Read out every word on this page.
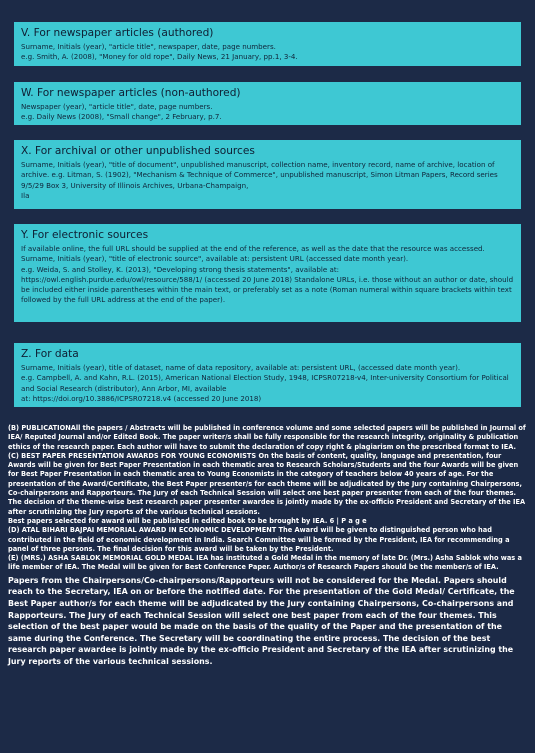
V. For newspaper articles (authored)

Surname, Initials (year), "article title", newspaper, date, page numbers.
e.g. Smith, A. (2008), "Money for old rope", Daily News, 21 January, pp.1, 3-4.

W. For newspaper articles (non-authored)

Newspaper (year), "article title", date, page numbers.
e.g. Daily News (2008), "Small change", 2 February, p.7.

X. For archival or other unpublished sources

Surname, Initials (year), "title of document", unpublished manuscript, collection name, inventory record, name of archive, location of archive. e.g. Litman, S. (1902), "Mechanism & Technique of Commerce", unpublished manuscript, Simon Litman Papers, Record series 9/5/29 Box 3, University of Illinois Archives, Urbana-Champaign,
Ila

Y. For electronic sources

If available online, the full URL should be supplied at the end of the reference, as well as the date that the resource was accessed.
Surname, Initials (year), "title of electronic source", available at: persistent URL (accessed date month year).
e.g. Weida, S. and Stolley, K. (2013), "Developing strong thesis statements", available at:
https://owl.english.purdue.edu/owl/resource/588/1/ (accessed 20 June 2018) Standalone URLs, i.e. those without an author or date, should be included either inside parentheses within the main text, or preferably set as a note (Roman numeral within square brackets within text followed by the full URL address at the end of the paper).

Z. For data

Surname, Initials (year), title of dataset, name of data repository, available at: persistent URL, (accessed date month year).
e.g. Campbell, A. and Kahn, R.L. (2015), American National Election Study, 1948, ICPSR07218-v4, Inter-university Consortium for Political and Social Research (distributor), Ann Arbor, MI, available
at: https://doi.org/10.3886/ICPSR07218.v4 (accessed 20 June 2018)

(B) PUBLICATIONAll the papers / Abstracts will be published in conference volume and some selected papers will be published in Journal of IEA/ Reputed Journal and/or Edited Book. The paper writer/s shall be fully responsible for the research integrity, originality & publication ethics of the research paper. Each author will have to submit the declaration of copy right & plagiarism on the prescribed format to IEA.

(C) BEST PAPER PRESENTATION AWARDS FOR YOUNG ECONOMISTS On the basis of content, quality, language and presentation, four Awards will be given for Best Paper Presentation in each thematic area to Research Scholars/Students and the four Awards will be given for Best Paper Presentation in each thematic area to Young Economists in the category of teachers below 40 years of age. For the presentation of the Award/Certificate, the Best Paper presenter/s for each theme will be adjudicated by the Jury containing Chairpersons, Co-chairpersons and Rapporteurs. The Jury of each Technical Session will select one best paper presenter from each of the four themes. The decision of the theme-wise best research paper presenter awardee is jointly made by the ex-officio President and Secretary of the IEA after scrutinizing the Jury reports of the various technical sessions.

Best papers selected for award will be published in edited book to be brought by IEA. 6 | P a g e

(D) ATAL BIHARI BAJPAI MEMORIAL AWARD IN ECONOMIC DEVELOPMENT The Award will be given to distinguished person who had contributed in the field of economic development in India. Search Committee will be formed by the President, IEA for recommending a panel of three persons. The final decision for this award will be taken by the President.

(E) (MRS.) ASHA SABLOK MEMORIAL GOLD MEDAL IEA has instituted a Gold Medal in the memory of late Dr. (Mrs.) Asha Sablok who was a life member of IEA. The Medal will be given for Best Conference Paper. Author/s of Research Papers should be the member/s of IEA.

Papers from the Chairpersons/Co-chairpersons/Rapporteurs will not be considered for the Medal. Papers should reach to the Secretary, IEA on or before the notified date. For the presentation of the Gold Medal/ Certificate, the Best Paper author/s for each theme will be adjudicated by the Jury containing Chairpersons, Co-chairpersons and Rapporteurs. The Jury of each Technical Session will select one best paper from each of the four themes. This selection of the best paper would be made on the basis of the quality of the Paper and the presentation of the same during the Conference. The Secretary will be coordinating the entire process. The decision of the best research paper awardee is jointly made by the ex-officio President and Secretary of the IEA after scrutinizing the Jury reports of the various technical sessions.
